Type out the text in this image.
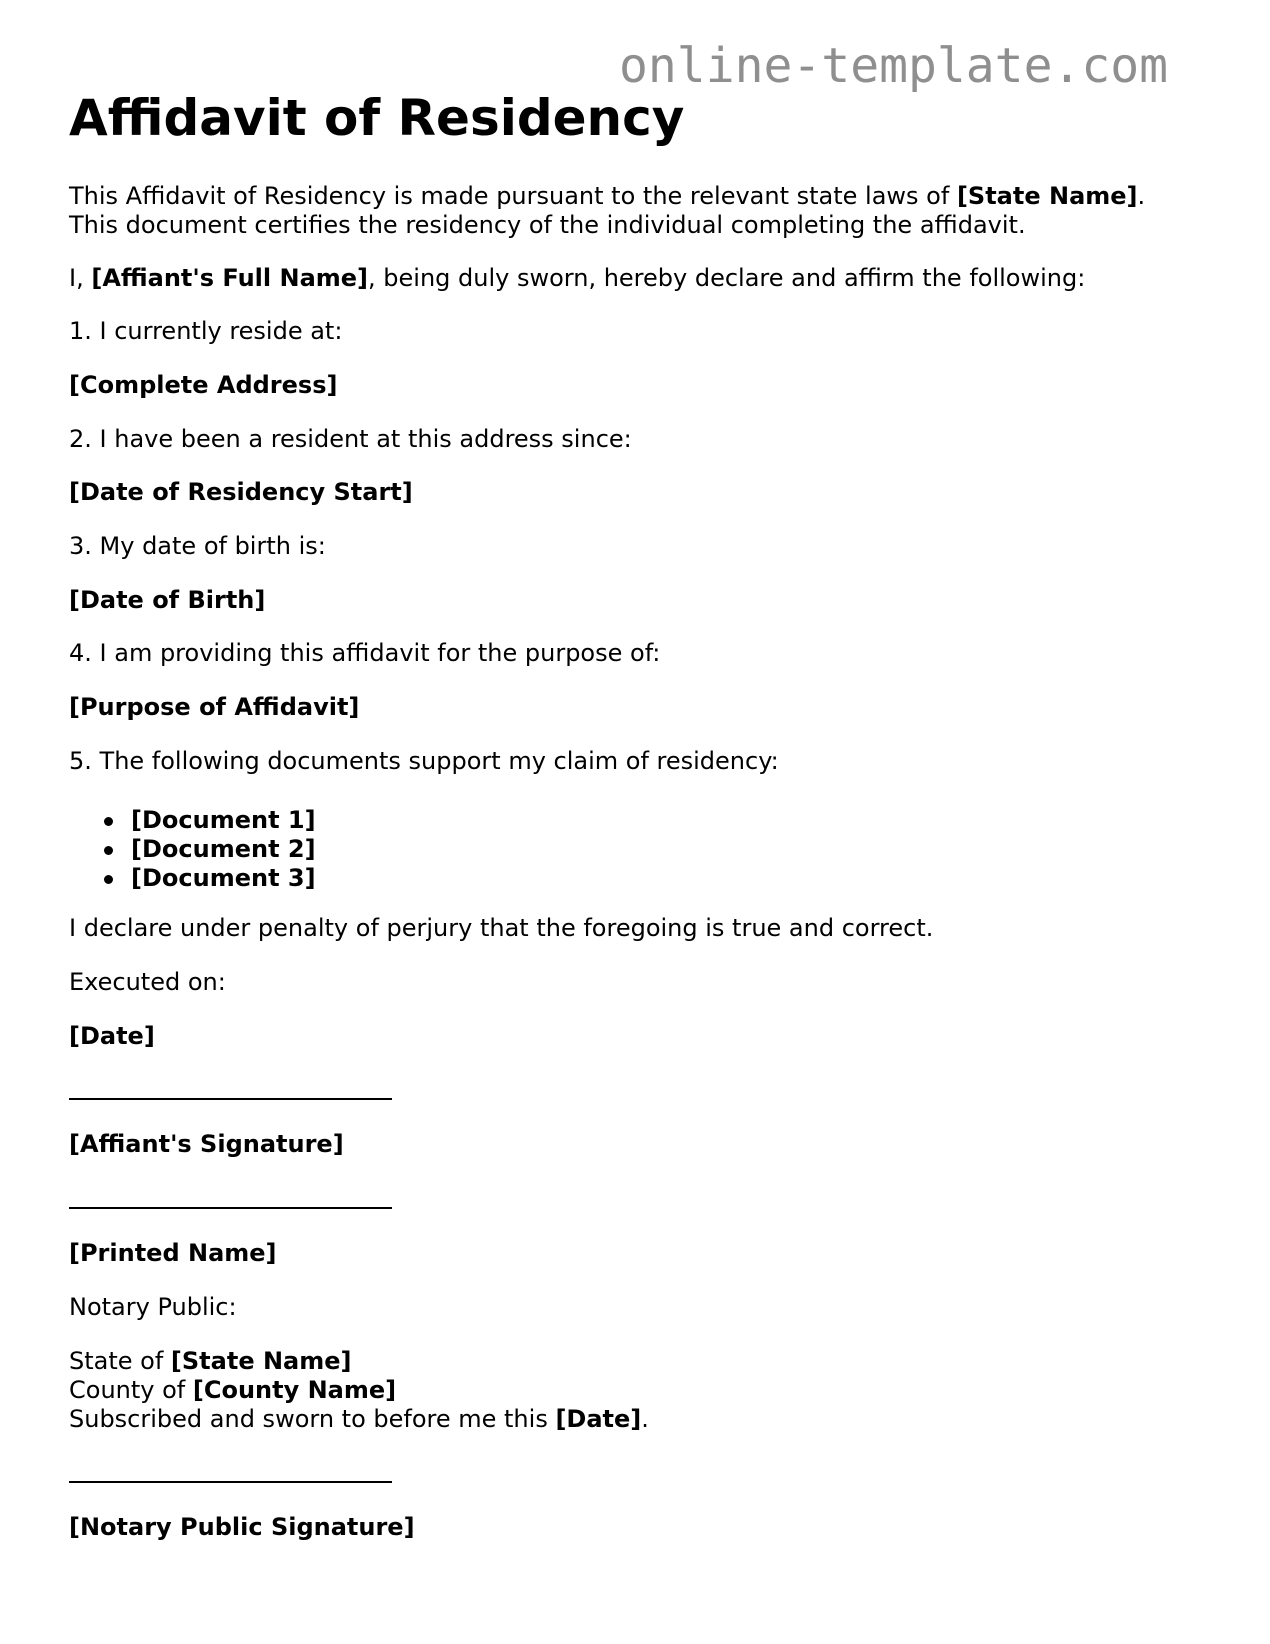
online-template.com
Affidavit of Residency

This Affidavit of Residency is made pursuant to the relevant state laws of [State Name].

This document certifies the residency of the individual completing the affidavit.

I, [Affiant's Full Name], being duly sworn, hereby declare and affirm the following:

1. I currently reside at:

[Complete Address]

2. I have been a resident at this address since:

[Date of Residency Start]

3. My date of birth is:

[Date of Birth]

4. I am providing this affidavit for the purpose of:

[Purpose of Affidavit]

5. The following documents support my claim of residency:

[Document 1]
[Document 2]
[Document 3]

I declare under penalty of perjury that the foregoing is true and correct.

Executed on:

[Date]

[Affiant's Signature]

[Printed Name]

Notary Public:

State of [State Name]

County of [County Name]

Subscribed and sworn to before me this [Date].

[Notary Public Signature]
